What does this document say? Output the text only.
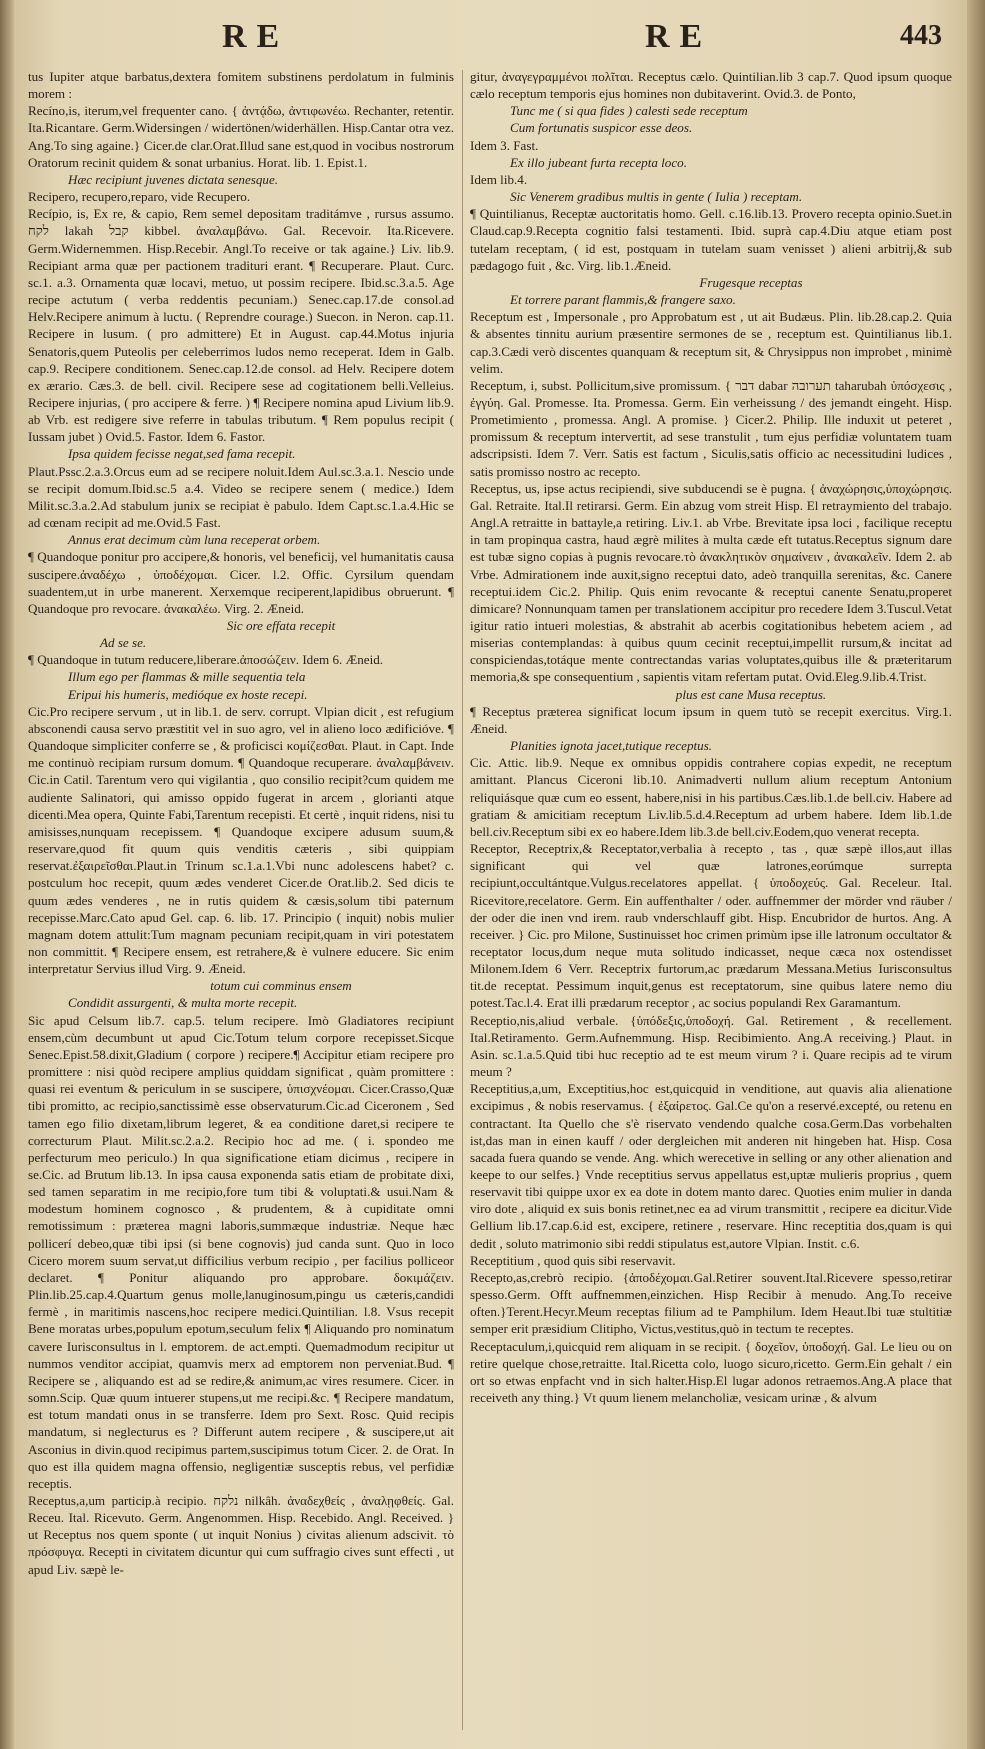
RE	RE	443

tus Iupiter atque barbatus,dextera fomitem substinens perdolatum in fulminis morem :

Recíno,is, iterum,vel frequenter cano. { ἀντᾴδω, ἀντιφωνέω. Rechanter, retentir. Ita.Ricantare. Germ.Widersingen / widertönen/widerhällen. Hisp.Cantar otra vez. Ang.To sing againe.} Cicer.de clar.Orat.Illud sane est,quod in vocibus nostrorum Oratorum recinit quidem & sonat urbanius. Horat. lib. 1. Epist.1.

Hæc recipiunt juvenes dictata senesque.

Recipero, recupero,reparo, vide Recupero.

Recípio, is, Ex re, & capio, Rem semel depositam traditámve , rursus assumo. לקח lakah קבל kibbel. ἀναλαμβάνω. Gal. Recevoir. Ita.Ricevere. Germ.Widernemmen. Hisp.Recebir. Angl.To receive or tak againe.} Liv. lib.9. Recipiant arma quæ per pactionem tradituri erant. ¶ Recuperare. Plaut. Curc. sc.1. a.3. Ornamenta quæ locavi, metuo, ut possim recipere. Ibid.sc.3.a.5. Age recipe actutum ( verba reddentis pecuniam.) Senec.cap.17.de consol.ad Helv.Recipere animum à luctu. ( Reprendre courage.) Suecon. in Neron. cap.11. Recipere in lusum. ( pro admittere) Et in August. cap.44.Motus injuria Senatoris,quem Puteolis per celeberrimos ludos nemo receperat. Idem in Galb. cap.9. Recipere conditionem. Senec.cap.12.de consol. ad Helv. Recipere dotem ex ærario. Cæs.3. de bell. civil. Recipere sese ad cogitationem belli.Velleius. Recipere injurias, ( pro accipere & ferre. ) ¶ Recipere nomina apud Livium lib.9. ab Vrb. est redigere sive referre in tabulas tributum. ¶ Rem populus recipit ( Iussam jubet ) Ovid.5. Fastor. Idem 6. Fastor.

Ipsa quidem fecisse negat,sed fama recepit.

Plaut.Pssc.2.a.3.Orcus eum ad se recipere noluit.Idem Aul.sc.3.a.1. Nescio unde se recipit domum.Ibid.sc.5 a.4. Video se recipere senem ( medice.) Idem Milit.sc.3.a.2.Ad stabulum junix se recipiat è pabulo. Idem Capt.sc.1.a.4.Hic se ad cœnam recipit ad me.Ovid.5 Fast.

Annus erat decimum cùm luna receperat orbem.

¶ Quandoque ponitur pro accipere,& honoris, vel beneficij, vel humanitatis causa suscipere.ἀναδέχω , ὑποδέχομαι. Cicer. l.2. Offic. Cyrsilum quendam suadentem,ut in urbe manerent. Xerxemque reciperent,lapidibus obruerunt. ¶ Quandoque pro revocare. ἀνακαλέω. Virg. 2. Æneid.

Sic ore effata recepit

Ad se se.

¶ Quandoque in tutum reducere,liberare.ἀποσώζειν. Idem 6. Æneid.

Illum ego per flammas & mille sequentia tela

Eripui his humeris, medióque ex hoste recepi.

Cic.Pro recipere servum , ut in lib.1. de serv. corrupt. Vlpian dicit , est refugium absconendi causa servo præstitit vel in suo agro, vel in alieno loco ædificióve. ¶ Quandoque simpliciter conferre se , & proficisci κομίζεσθαι. Plaut. in Capt. Inde me continuò recipiam rursum domum. ¶ Quandoque recuperare. ἀναλαμβάνειν. Cic.in Catil. Tarentum vero qui vigilantia , quo consilio recipit?cum quidem me audiente Salinatori, qui amisso oppido fugerat in arcem , glorianti atque dicenti.Mea opera, Quinte Fabi,Tarentum recepisti. Et certè , inquit ridens, nisi tu amisisses,nunquam recepissem. ¶ Quandoque excipere adusum suum,& reservare,quod fit quum quis venditis cæteris , sibi quippiam reservat.ἐξαιρεῖσθαι.Plaut.in Trinum sc.1.a.1.Vbi nunc adolescens habet? c. postculum hoc recepit, quum ædes venderet Cicer.de Orat.lib.2. Sed dicis te quum ædes venderes , ne in rutis quidem & cæsis,solum tibi paternum recepisse.Marc.Cato apud Gel. cap. 6. lib. 17. Principio ( inquit) nobis mulier magnam dotem attulit:Tum magnam pecuniam recipit,quam in viri potestatem non committit. ¶ Recipere ensem, est retrahere,& è vulnere educere. Sic enim interpretatur Servius illud Virg. 9. Æneid.

totum cui comminus ensem

Condidit assurgenti, & multa morte recepit.

Sic apud Celsum lib.7. cap.5. telum recipere. Imò Gladiatores recipiunt ensem,cùm decumbunt ut apud Cic.Totum telum corpore recepisset.Sicque Senec.Epist.58.dixit,Gladium ( corpore ) recipere.¶ Accipitur etiam recipere pro promittere : nisi quòd recipere amplius quiddam significat , quàm promittere : quasi rei eventum & periculum in se suscipere, ὑπισχνέομαι. Cicer.Crasso,Quæ tibi promitto, ac recipio,sanctissimè esse observaturum.Cic.ad Ciceronem , Sed tamen ego filio dixetam,librum legeret, & ea conditione daret,si recipere te correcturum Plaut. Milit.sc.2.a.2. Recipio hoc ad me. ( i. spondeo me perfecturum meo periculo.) In qua significatione etiam dicimus , recipere in se.Cic. ad Brutum lib.13. In ipsa causa exponenda satis etiam de probitate dixi, sed tamen separatim in me recipio,fore tum tibi & voluptati.& usui.Nam & modestum hominem cognosco , & prudentem, & à cupiditate omni remotissimum : præterea magni laboris,summæque industriæ. Neque hæc pollicerí debeo,quæ tibi ipsi (si bene cognovis) jud canda sunt. Quo in loco Cicero morem suum servat,ut difficilius verbum recipio , per facilius polliceor declaret. ¶ Ponitur aliquando pro approbare. δοκιμάζειν. Plin.lib.25.cap.4.Quartum genus molle,lanuginosum,pingu us cæteris,candidi fermè , in maritimis nascens,hoc recipere medici.Quintilian. l.8. Vsus recepit Bene moratas urbes,populum epotum,seculum felix ¶ Aliquando pro nominatum cavere Iurisconsultus in l. emptorem. de act.empti. Quemadmodum recipitur ut nummos venditor accipiat, quamvis merx ad emptorem non perveniat.Bud. ¶ Recipere se , aliquando est ad se redire,& animum,ac vires resumere. Cicer. in somn.Scip. Quæ quum intuerer stupens,ut me recipi.&c. ¶ Recipere mandatum, est totum mandati onus in se transferre. Idem pro Sext. Rosc. Quid recipis mandatum, si neglecturus es ? Differunt autem recipere , & suscipere,ut ait Asconius in divin.quod recipimus partem,suscipimus totum Cicer. 2. de Orat. In quo est illa quidem magna offensio, negligentiæ susceptis rebus, vel perfidiæ receptis.

Receptus,a,um particip.à recipio. נלקח nilkâh. ἀναδεχθείς , ἀναλῃφθείς. Gal. Receu. Ital. Ricevuto. Germ. Angenommen. Hisp. Recebido. Angl. Received. } ut Receptus nos quem sponte ( ut inquit Nonius ) civitas alienum adscivit. τὸ πρόσφυγα. Recepti in civitatem dicuntur qui cum suffragio cives sunt effecti , ut apud Liv. sæpè le-

gitur, ἀναγεγραμμένοι πολῖται. Receptus cælo. Quintilian.lib 3 cap.7. Quod ipsum quoque cælo receptum temporis ejus homines non dubitaverint. Ovid.3. de Ponto,

Tunc me ( si qua fides ) calesti sede receptum

Cum fortunatis suspicor esse deos.

Idem 3. Fast.

Ex illo jubeant furta recepta loco.

Idem lib.4.

Sic Venerem gradibus multis in gente ( Iulia ) receptam.

¶ Quintilianus, Receptæ auctoritatis homo. Gell. c.16.lib.13. Provero recepta opinio.Suet.in Claud.cap.9.Recepta cognitio falsi testamenti. Ibid. suprà cap.4.Diu atque etiam post tutelam receptam, ( id est, postquam in tutelam suam venisset ) alieni arbitrij,& sub pædagogo fuit , &c. Virg. lib.1.Æneid.

Frugesque receptas

Et torrere parant flammis,& frangere saxo.

Receptum est , Impersonale , pro Approbatum est , ut ait Budæus. Plin. lib.28.cap.2. Quia & absentes tinnitu aurium præsentire sermones de se , receptum est. Quintilianus lib.1. cap.3.Cædi verò discentes quanquam & receptum sit, & Chrysippus non improbet , minimè velim.

Receptum, i, subst. Pollicitum,sive promissum. { דבר dabar תערובה taharubah ὑπόσχεσις , ἐγγύη. Gal. Promesse. Ita. Promessa. Germ. Ein verheissung / des jemandt eingeht. Hisp. Prometimiento , promessa. Angl. A promise. } Cicer.2. Philip. Ille induxit ut peteret , promissum & receptum intervertit, ad sese transtulit , tum ejus perfidiæ voluntatem tuam adscripsisti. Idem 7. Verr. Satis est factum , Siculis,satis officio ac necessitudini ludices , satis promisso nostro ac recepto.

Receptus, us, ipse actus recipiendi, sive subducendi se è pugna. { ἀναχώρησις,ὑποχώρησις. Gal. Retraite. Ital.Il retirarsi. Germ. Ein abzug vom streit Hisp. El retraymiento del trabajo. Angl.A retraitte in battayle,a retiring. Liv.1. ab Vrbe. Brevitate ipsa loci , facilique receptu in tam propinqua castra, haud ægrè milites à multa cæde eft tutatus.Receptus signum dare est tubæ signo copias à pugnis revocare.τὸ ἀνακλητικὸν σημαίνειν , ἀνακαλεῖν. Idem 2. ab Vrbe. Admirationem inde auxit,signo receptui dato, adeò tranquilla serenitas, &c. Canere receptui.idem Cic.2. Philip. Quis enim revocante & receptui canente Senatu,properet dimicare? Nonnunquam tamen per translationem accipitur pro recedere Idem 3.Tuscul.Vetat igitur ratio intueri molestias, & abstrahit ab acerbis cogitationibus hebetem aciem , ad miserias contemplandas: à quibus quum cecinit receptui,impellit rursum,& incitat ad conspiciendas,totáque mente contrectandas varias voluptates,quibus ille & præteritarum memoria,& spe consequentium , sapientis vitam refertam putat. Ovid.Eleg.9.lib.4.Trist.

plus est cane Musa receptus.

¶ Receptus præterea significat locum ipsum in quem tutò se recepit exercitus. Virg.1. Æneid.

Planities ignota jacet,tutique receptus.

Cic. Attic. lib.9. Neque ex omnibus oppidis contrahere copias expedit, ne receptum amittant. Plancus Ciceroni lib.10. Animadverti nullum alium receptum Antonium reliquiásque quæ cum eo essent, habere,nisi in his partibus.Cæs.lib.1.de bell.civ. Habere ad gratiam & amicitiam receptum Liv.lib.5.d.4.Receptum ad urbem habere. Idem lib.1.de bell.civ.Receptum sibi ex eo habere.Idem lib.3.de bell.civ.Eodem,quo venerat recepta.

Receptor, Receptrix,& Receptator,verbalia à recepto , tas , quæ sæpè illos,aut illas significant qui vel quæ latrones,eorúmque surrepta recipiunt,occultántque.Vulgus.recelatores appellat. { ὑποδοχεύς. Gal. Receleur. Ital. Ricevitore,recelatore. Germ. Ein auffenthalter / oder. auffnemmer der mörder vnd räuber / der oder die inen vnd irem. raub vnderschlauff gibt. Hisp. Encubridor de hurtos. Ang. A receiver. } Cic. pro Milone, Sustinuisset hoc crimen primùm ipse ille latronum occultator & receptator locus,dum neque muta solitudo indicasset, neque cæca nox ostendisset Milonem.Idem 6 Verr. Receptrix furtorum,ac prædarum Messana.Metius Iurisconsultus tit.de receptat. Pessimum inquit,genus est receptatorum, sine quibus latere nemo diu potest.Tac.l.4. Erat illi prædarum receptor , ac socius populandi Rex Garamantum.

Receptio,nis,aliud verbale. {ὑπόδεξις,ὑποδοχή. Gal. Retirement , & recellement. Ital.Retiramento. Germ.Aufnemmung. Hisp. Recibimiento. Ang.A receiving.} Plaut. in Asin. sc.1.a.5.Quid tibi huc receptio ad te est meum virum ? i. Quare recipis ad te virum meum ?

Receptitius,a,um, Exceptitius,hoc est,quicquid in venditione, aut quavis alia alienatione excipimus , & nobis reservamus. { ἐξαίρετος. Gal.Ce qu'on a reservé.excepté, ou retenu en contractant. Ita Quello che s'è riservato vendendo qualche cosa.Germ.Das vorbehalten ist,das man in einen kauff / oder dergleichen mit anderen nit hingeben hat. Hisp. Cosa sacada fuera quando se vende. Ang. which werecetive in selling or any other alienation and keepe to our selfes.} Vnde receptitius servus appellatus est,uptæ mulieris proprius , quem reservavit tibi quippe uxor ex ea dote in dotem manto darec. Quoties enim mulier in danda viro dote , aliquid ex suis bonis retinet,nec ea ad virum transmittit , recipere ea dicitur.Vide Gellium lib.17.cap.6.id est, excipere, retinere , reservare. Hinc receptitia dos,quam is qui dedit , soluto matrimonio sibi reddi stipulatus est,autore Vlpian. Instit. c.6.

Receptitium , quod quis sibi reservavit.

Recepto,as,crebrò recipio. {ἀποδέχομαι.Gal.Retirer souvent.Ital.Ricevere spesso,retirar spesso.Germ. Offt auffnemmen,einzichen. Hisp Recibir à menudo. Ang.To receive often.}Terent.Hecyr.Meum receptas filium ad te Pamphilum. Idem Heaut.Ibi tuæ stultitiæ semper erit præsidium Clitipho, Victus,vestitus,quò in tectum te receptes.

Receptaculum,i,quicquid rem aliquam in se recipit. { δοχεῖον, ὑποδοχή. Gal. Le lieu ou on retire quelque chose,retraitte. Ital.Ricetta colo, luogo sicuro,ricetto. Germ.Ein gehalt / ein ort so etwas enpfacht vnd in sich halter.Hisp.El lugar adonos retraemos.Ang.A place that receiveth any thing.} Vt quum lienem melancholiæ, vesicam urinæ , & alvum
